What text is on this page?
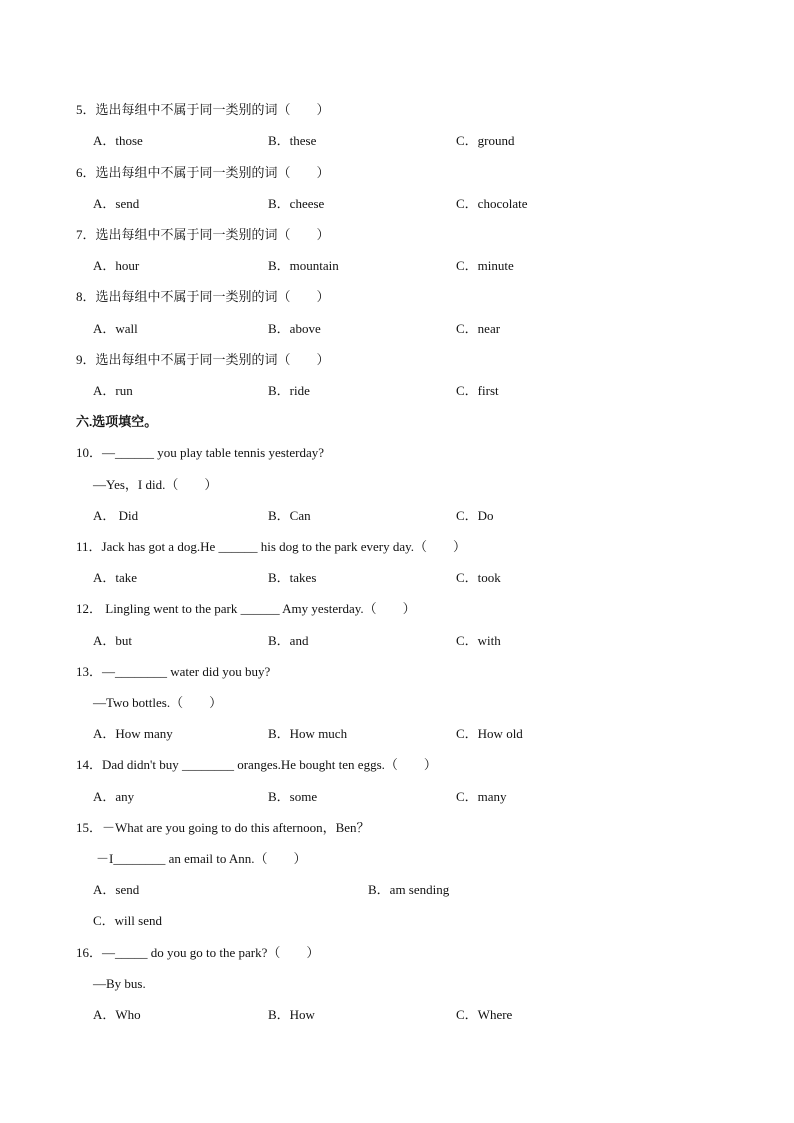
5．选出每组中不属于同一类别的词（　　）
A．those	B．these	C．ground
6．选出每组中不属于同一类别的词（　　）
A．send	B．cheese	C．chocolate
7．选出每组中不属于同一类别的词（　　）
A．hour	B．mountain	C．minute
8．选出每组中不属于同一类别的词（　　）
A．wall	B．above	C．near
9．选出每组中不属于同一类别的词（　　）
A．run	B．ride	C．first
六.选项填空。
10．—______ you play table tennis yesterday?
—Yes，I did.（　　）
A． Did	B．Can	C．Do
11．Jack has got a dog.He ______ his dog to the park every day.（　　）
A．take	B．takes	C．took
12． Lingling went to the park ______ Amy yesterday.（　　）
A．but	B．and	C．with
13．—________ water did you buy?
—Two bottles.（　　）
A．How many	B．How much	C．How old
14．Dad didn't buy ________ oranges.He bought ten eggs.（　　）
A．any	B．some	C．many
15．－What are you going to do this afternoon，Ben？
－I________ an email to Ann.（　　）
A．send	B．am sending
C．will send
16．—_____ do you go to the park?（　　）
—By bus.
A．Who	B．How	C．Where
